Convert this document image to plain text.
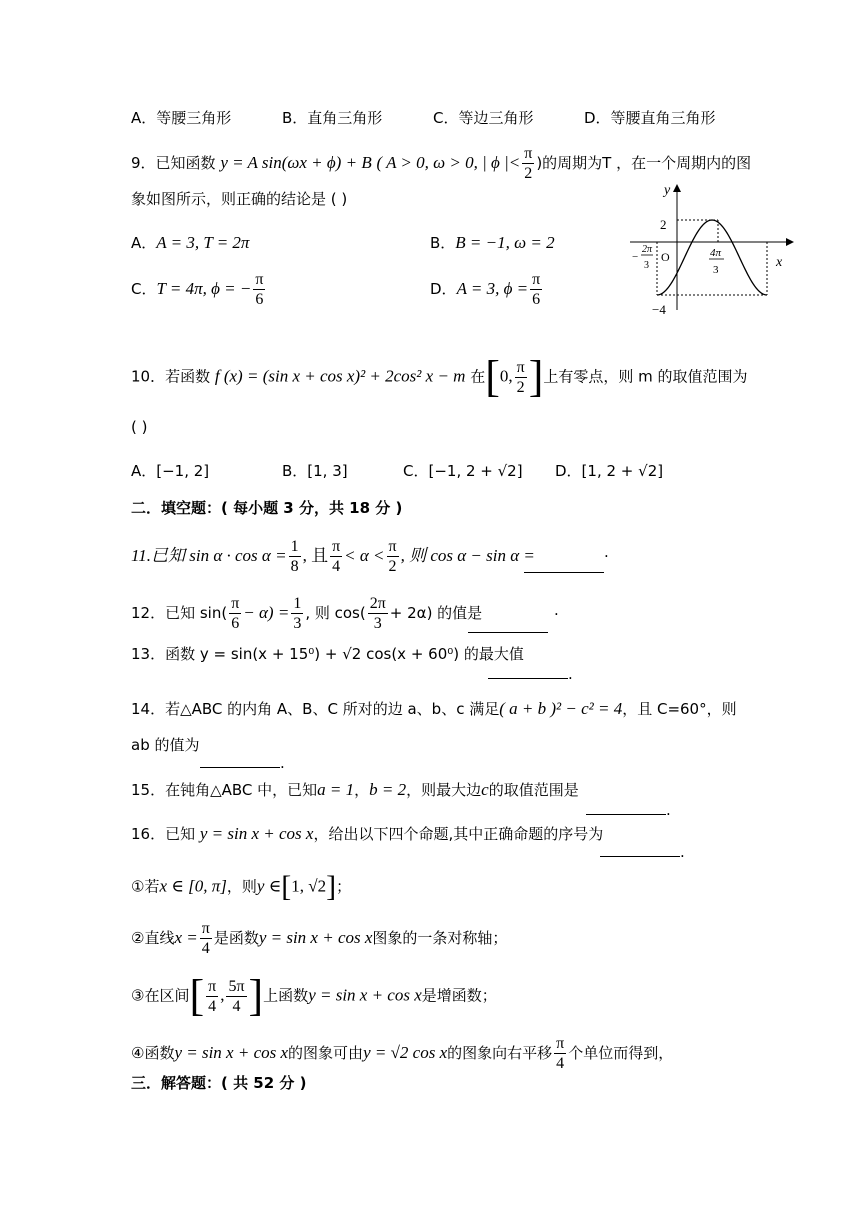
A．等腰三角形	B．直角三角形	C．等边三角形	D．等腰直角三角形
9．已知函数 y = A sin(ωx + ϕ) + B ( A > 0, ω > 0, | ϕ |< $\frac{\pi}{2}$ )的周期为T ，在一个周期内的图
象如图所示，则正确的结论是 ( )
A．A = 3, T = 2π	B．B = −1, ω = 2
C．T = 4π, ϕ = − $\frac{\pi}{6}$	D．A = 3, $\phi = \frac{\pi}{6}$
y
x
O
2
−4
−
2π
3
4π
3
10．若函数 f (x) = (sin x + cos x)² + 2cos² x − m 在[0, $\frac{\pi}{2}$ ]上有零点，则 m 的取值范围为
( )
A．[−1, 2]	B．[1, 3]	C．[−1, 2 + √2] D．[1, 2 + √2]
二．填空题：( 每小题 3 分，共 18 分 )
11.已知 $\sin \alpha \cdot \cos \alpha = \frac{1}{8}$ , 且 $\frac{\pi}{4} < \alpha < \frac{\pi}{2}$ , 则 cos α − sin α =	.
12．已知 $\sin( \frac{\pi}{6} - \alpha) = \frac{1}{3}$ , 则 $\cos( \frac{2\pi}{3} + 2\alpha)$ 的值是	.
13．函数 y = sin(x + 15⁰) + √2 cos(x + 60⁰) 的最大值
.
14．若△ABC 的内角 A、B、C 所对的边 a、b、c 满足( a + b )² − c² = 4，且 C=60°，则
ab 的值为
.
15．在钝角△ABC 中，已知a = 1，b = 2，则最大边c的取值范围是
.
16．已知 y = sin x + cos x，给出以下四个命题,其中正确命题的序号为
.
①若x ∈ [0, π]，则y ∈[1, √2]；
②直线$x = \frac{\pi}{4}$ 是函数y = sin x + cos x图象的一条对称轴；
③在区间[ $\frac{\pi}{4}$ , $\frac{5\pi}{4}$ ]上函数y = sin x + cos x是增函数；
④函数y = sin x + cos x的图象可由y = √2 cos x的图象向右平移 $\frac{\pi}{4}$ 个单位而得到，
三．解答题：( 共 52 分 )
